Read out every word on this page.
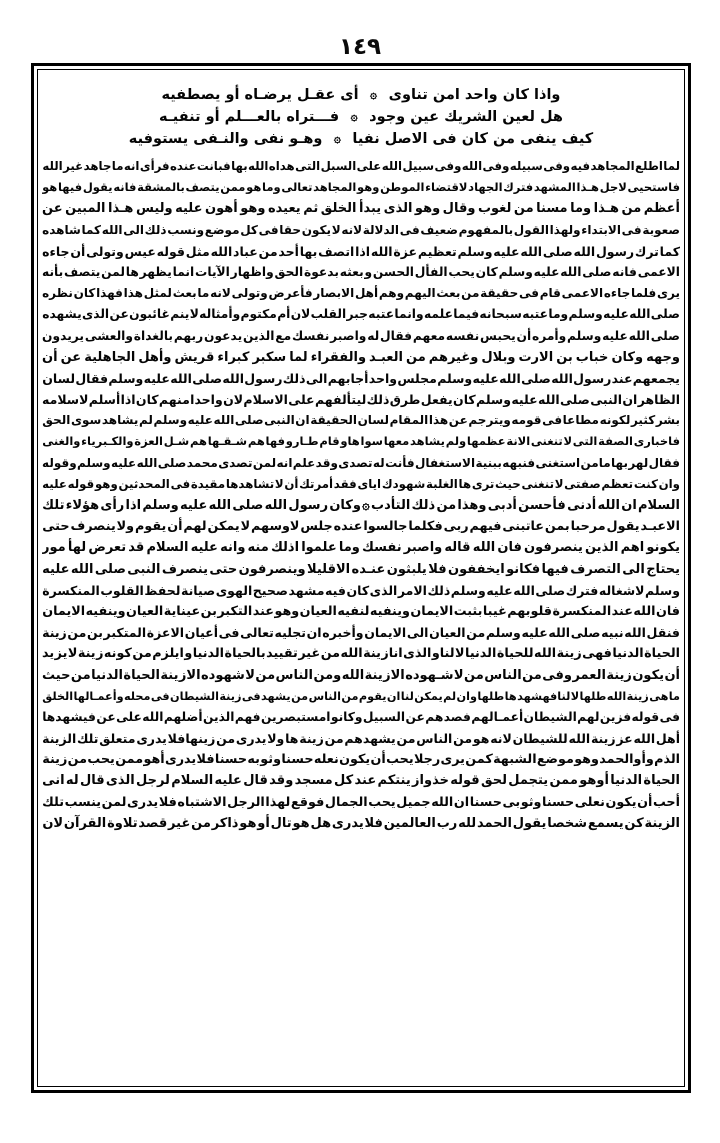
١٤٩
واذا كان واحد امن تناوى
۞
أى عقـل يرضـاه أو يصطفيه
هل لعين الشريك عين وجود
۞
فـــتراه بالعـــلم أو تنفيـه
كيف ينفى من كان فى الاصل نفيا
۞
وهـو نفى والنـفى يستوفيه
لما
اطلع
المجاهد
فيه
وفى
سبيله
وفى
الله
وفى
سبيل
الله
على
السبل
التى
هداه
الله
بها
فبانت
عنده
فرأى
انه
ما
جاهد
غير
الله
فاستحيى
لاجل
هـذا
المشهد
فترك
الجهاد
لاقتضاء
الموطن
وهو
المجاهد
تعالى
وما
هو
ممن
يتصف
بالمشقة
فانه
يقول
فيها
هو
أعظم
من
هـذا
وما
مسنا
من
لغوب
وقال
وهو
الذى
يبدأ
الخلق
ثم
يعيده
وهو
أهون
عليه
وليس
هـذا
المبين
عن
صعوبة
فى
الابتداء
ولهذا
القول
بالمفهوم
ضعيف
فى
الدلالة
لانه
لا
يكون
حقا
فى
كل
موضع
ونسب
ذلك
الى
الله
كما
شاهده
كما
ترك
رسول
الله
صلى
الله
عليه
وسلم
تعظيم
عزة
الله
اذا
اتصف
بها
أحد
من
عباد
الله
مثل
قوله
عيس
وتولى
أن
جاءه
الاعمى
فانه
صلى
الله
عليه
وسلم
كان
يحب
الفأل
الحسن
و
بعثه
بدعوة
الحق
واظهار
الآيات
انما
يظهر
ها
لمن
يتصف
بأنه
يرى
فلما
جاءه
الاعمى
قام
فى
حقيقة
من
بعث
اليهم
وهم
أهل
الابصار
فأعرض
وتولى
لانه
ما
بعث
لمثل
هذا
فهذا
كان
نظره
صلى
الله
عليه
وسلم
وما
عتبه
سبحانه
فيما
علمه
وانما
عتبه
جبر
القلب
لان
أم
مكتوم
وأمثاله
لا
ينم
غائبون
عن
الذى
يشهده
صلى
الله
عليه
وسلم
وأمره
أن
يحبس
نفسه
معهم
فقال
له
واصبر
نفسك
مع
الذين
يدعون
ربهم
بالغداة
والعشى
يريدون
وجهه
وكان
خباب
بن
الارت
وبلال
وغيرهم
من
العبـد
والفقراء
لما
سكبر
كبراء
قريش
وأهل
الجاهلية
عن
أن
يجمعهم
عند
رسول
الله
صلى
الله
عليه
وسلم
مجلس
واحد
أجابهم
الى
ذلك
رسول
الله
صلى
الله
عليه
وسلم
فقال
لسان
الظاهر
ان
النبى
صلى
الله
عليه
وسلم
كان
يفعل
طرق
ذلك
ليتألفهم
على
الاسلام
لان
واحدا
منهم
كان
اذا
أسلم
لاسلامه
بشر
كثير
لكونه
مطاعا
فى
قومه
ويترجم
عن
هذا
المقام
لسان
الحقيقة
ان
النبى
صلى
الله
عليه
وسلم
لم
يشاهد
سوى
الحق
فاخبارى
الصفة
التى
لا
تنغنى
الانة
عظمها
ولم
يشاهد
معها
سوا
هاو
قام
طـارو
فها
هم
شـقـها
هم
شـل
العزة
والكـبرياء
والغنى
فقال
لهر
بها
مامن
استغنى
فنبهه
ببنية
الاستغفال
فأنت
له
تصدى
وقد
علم
انه
لمن
تصدى
محمد
صلى
الله
عليه
وسلم
وقوله
وان
كنت
تعظم
صفتى
لا
تنغنى
حيث
ترى
ها
الغلبة
شهودك
اياى
فقد
أمرتك
أن
لا
تشاهدها
مقيدة
فى
المحدثين
وهو
قوله
عليه
السلام
ان
الله
أدنى
فأحسن
أدبى
وهذا
من
ذلك
التأدب
۞
وكان
رسول
الله
صلى
الله
عليه
وسلم
اذا
رأى
هؤلاء
تلك
الاعبـد
يقول
مرحبا
بمن
عاتبنى
فيهم
ربى
فكلما
جالسوا
عنده
جلس
لاوسهم
لا
يمكن
لهم
أن
يقوم
ولا
ينصرف
حتى
يكونو
اهم
الذين
ينصرفون
فان
الله
قاله
واصبر
نفسك
وما
علموا
اذلك
منه
وانه
عليه
السلام
قد
تعرض
لهأ
مور
يحتاج
الى
التصرف
فيها
فكانو
ايخففون
فلا
يلبثون
عنـده
الاقليلا
وينصرفون
حتى
ينصرف
النبى
صلى
الله
عليه
وسلم
لاشغاله
فترك
صلى
الله
عليه
وسلم
ذلك
الامر
الذى
كان
فيه
مشهد
صحيح
الهوى
صيانة
لحفظ
القلوب
المنكسرة
فان
الله
عند
المنكسرة
قلوبهم
غيبا
بثبت
الايمان
وينفيه
لنفيه
العيان
وهو
عند
التكبر
بن
عيناية
العيان
وينفيه
الايمان
فنقل
الله
نبيه
صلى
الله
عليه
وسلم
من
العيان
الى
الايمان
وأخبره
ان
تجليه
تعالى
فى
أعيان
الاعزة
المتكبر
بن
من
زينة
الحياة
الدنيا
فهى
زينة
الله
للحياة
الدنيا
لا
لناو
الذى
اناز
ينة
الله
من
غير
تقييد
بالحياة
الدنيا
و
ايلزم
من
كونه
ز
ينة
لا
يز
يد
أن
يكون
زينة
العمر
وفى
من
الناس
من
لا
شـهوده
الاز
ينة
الله
ومن
الناس
من
لا
شهوده
الاز
ينة
الحياة
الدنيا
من
حيث
ما
هى
زينة
الله
طلها
لا
لنافهشهد
ها
طلها
وان
لم
يمكن
لنا
ان
يقوم
من
الناس
من
يشهد
فى
زينة
الشيطان
فى
محله
وأعمـالها
الخلق
فى
قوله
فزين
لهم
الشيطان
أعمـالهم
فصد
هم
عن
السبيل
وكانو
امستبصرين
فهم
الذين
أضلهم
الله
على
عن
فيشهدها
أهل
الله
عز
زينة
الله
للشيطان
لانه
هو
من
الناس
من
يشهدهم
من
زينة
ها
ولا
يدرى
من
زينهافلا
يدرى
متعلق
تلك
الزينة
الذم
وأوالحمد
وهو
موضع
الشبهة
كمن
يرى
رجلا
يحب
أن
يكون
نعله
حسنا
وثو
به
حسنا
فلا
يدرى
أهو
ممن
يحب
من
زينة
الحياة
الدنيا
أوهو
ممن
يتجمل
لحق
قوله
خذواز
ينتكم
عند
كل
مسجد
وقد
قال
عليه
السلام
لرجل
الذى
قال
له
انى
أحب
أن
يكون
نعلى
حسنا
وثو
بى
حسنا
ان
الله
جميل
يحب
الجمال
فوقع
لهذا
الرجل
الاشتباه
فلا
يدرى
لمن
ينسب
تلك
الزينة
كن
يسمع
شخصا
يقول
الحمد
لله
رب
العالمين
فلا
يدرى
هل
هو
تال
أو
هو
ذاكر
من
غير
قصد
تلاوة
القرآن
لان
